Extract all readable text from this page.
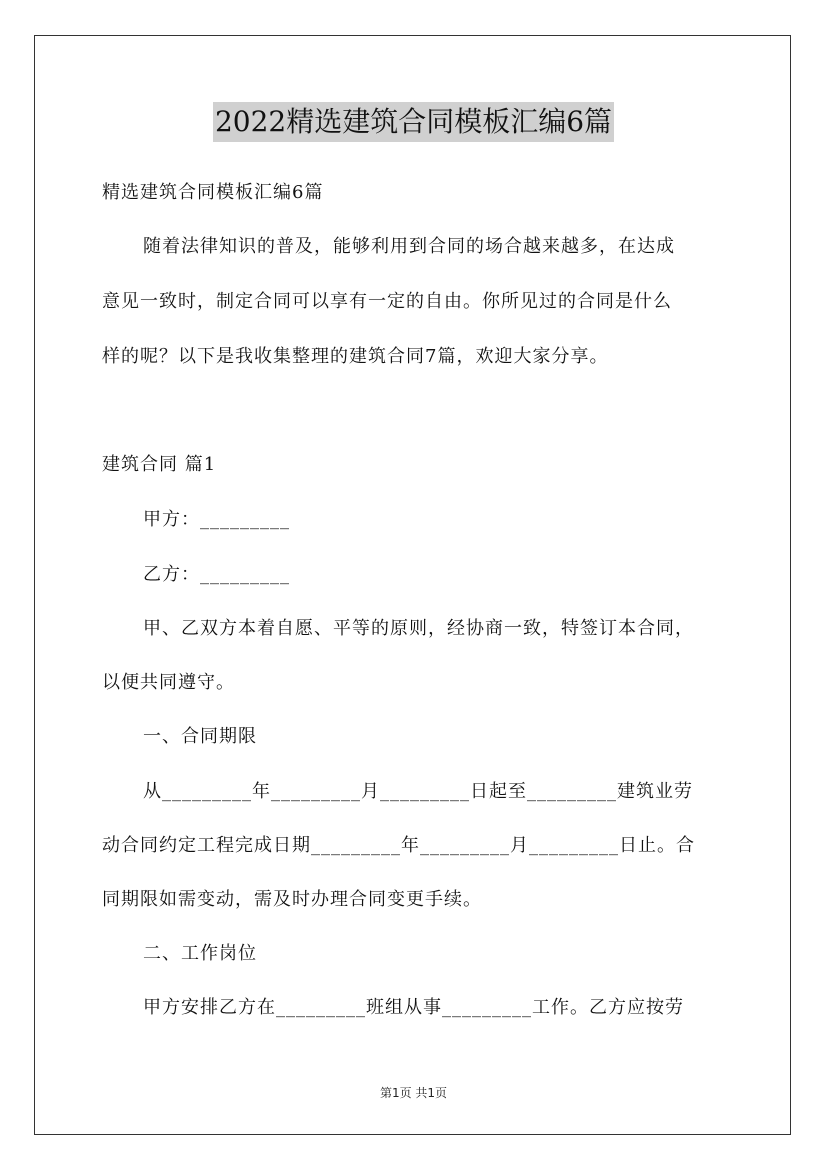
2022精选建筑合同模板汇编6篇
精选建筑合同模板汇编6篇
随着法律知识的普及，能够利用到合同的场合越来越多，在达成
意见一致时，制定合同可以享有一定的自由。你所见过的合同是什么
样的呢？以下是我收集整理的建筑合同7篇，欢迎大家分享。
建筑合同 篇1
甲方：_________
乙方：_________
甲、乙双方本着自愿、平等的原则，经协商一致，特签订本合同，
以便共同遵守。
一、合同期限
从_________年_________月_________日起至_________建筑业劳
动合同约定工程完成日期_________年_________月_________日止。合
同期限如需变动，需及时办理合同变更手续。
二、工作岗位
甲方安排乙方在_________班组从事_________工作。乙方应按劳
第1页 共1页
